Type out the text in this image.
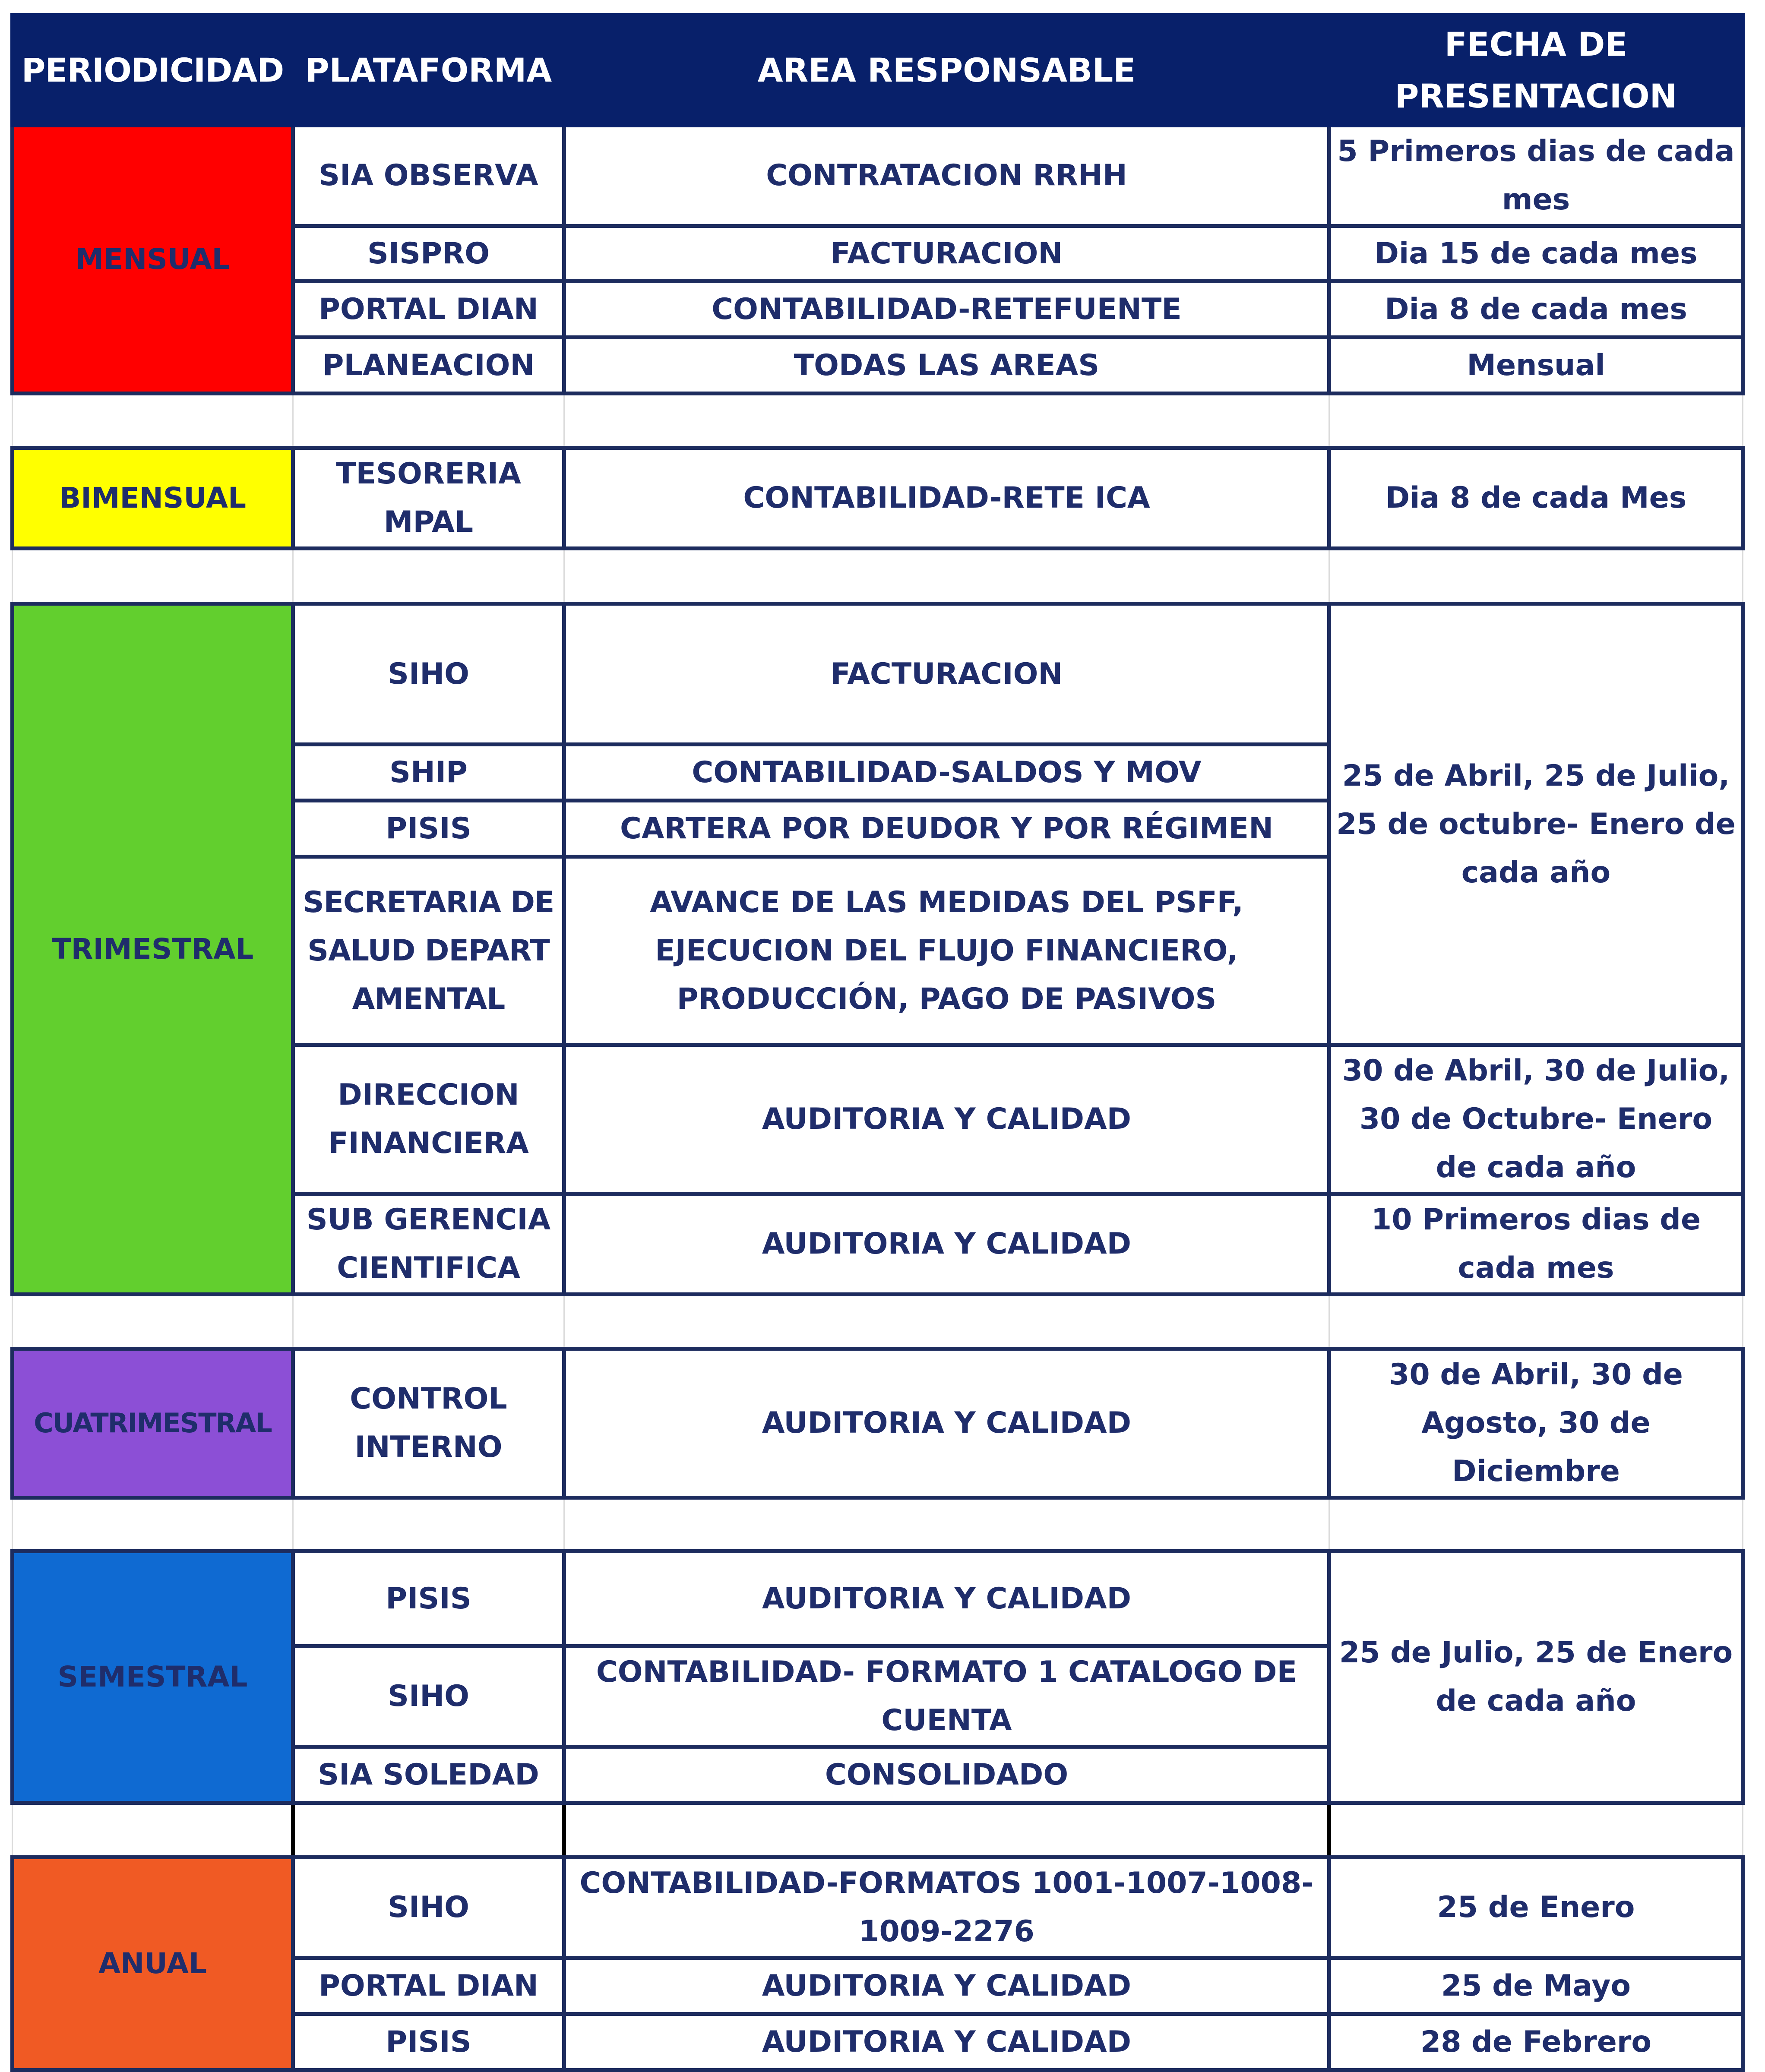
PERIODICIDAD	PLATAFORMA	AREA RESPONSABLE	FECHA DE PRESENTACION
MENSUAL	SIA OBSERVA	CONTRATACION RRHH	5 Primeros dias de cada mes
	SISPRO	FACTURACION	Dia 15 de cada mes
	PORTAL DIAN	CONTABILIDAD-RETEFUENTE	Dia 8 de cada mes
	PLANEACION	TODAS LAS AREAS	Mensual

BIMENSUAL	TESORERIA MPAL	CONTABILIDAD-RETE ICA	Dia 8 de cada Mes

TRIMESTRAL	SIHO	FACTURACION	25 de Abril, 25 de Julio, 25 de octubre- Enero de cada año
	SHIP	CONTABILIDAD-SALDOS Y MOV	
	PISIS	CARTERA POR DEUDOR Y POR RÉGIMEN	
	SECRETARIA DE SALUD DEPARTAMENTAL	AVANCE DE LAS MEDIDAS DEL PSFF, EJECUCION DEL FLUJO FINANCIERO, PRODUCCIÓN, PAGO DE PASIVOS	
	DIRECCION FINANCIERA	AUDITORIA Y CALIDAD	30 de Abril, 30 de Julio, 30 de Octubre- Enero de cada año
	SUB GERENCIA CIENTIFICA	AUDITORIA Y CALIDAD	10 Primeros dias de cada mes

CUATRIMESTRAL	CONTROL INTERNO	AUDITORIA Y CALIDAD	30 de Abril, 30 de Agosto, 30 de Diciembre

SEMESTRAL	PISIS	AUDITORIA Y CALIDAD	25 de Julio, 25 de Enero de cada año
	SIHO	CONTABILIDAD- FORMATO 1 CATALOGO DE CUENTA	
	SIA SOLEDAD	CONSOLIDADO	

ANUAL	SIHO	CONTABILIDAD-FORMATOS 1001-1007-1008-1009-2276	25 de Enero
	PORTAL DIAN	AUDITORIA Y CALIDAD	25 de Mayo
	PISIS	AUDITORIA Y CALIDAD	28 de Febrero
